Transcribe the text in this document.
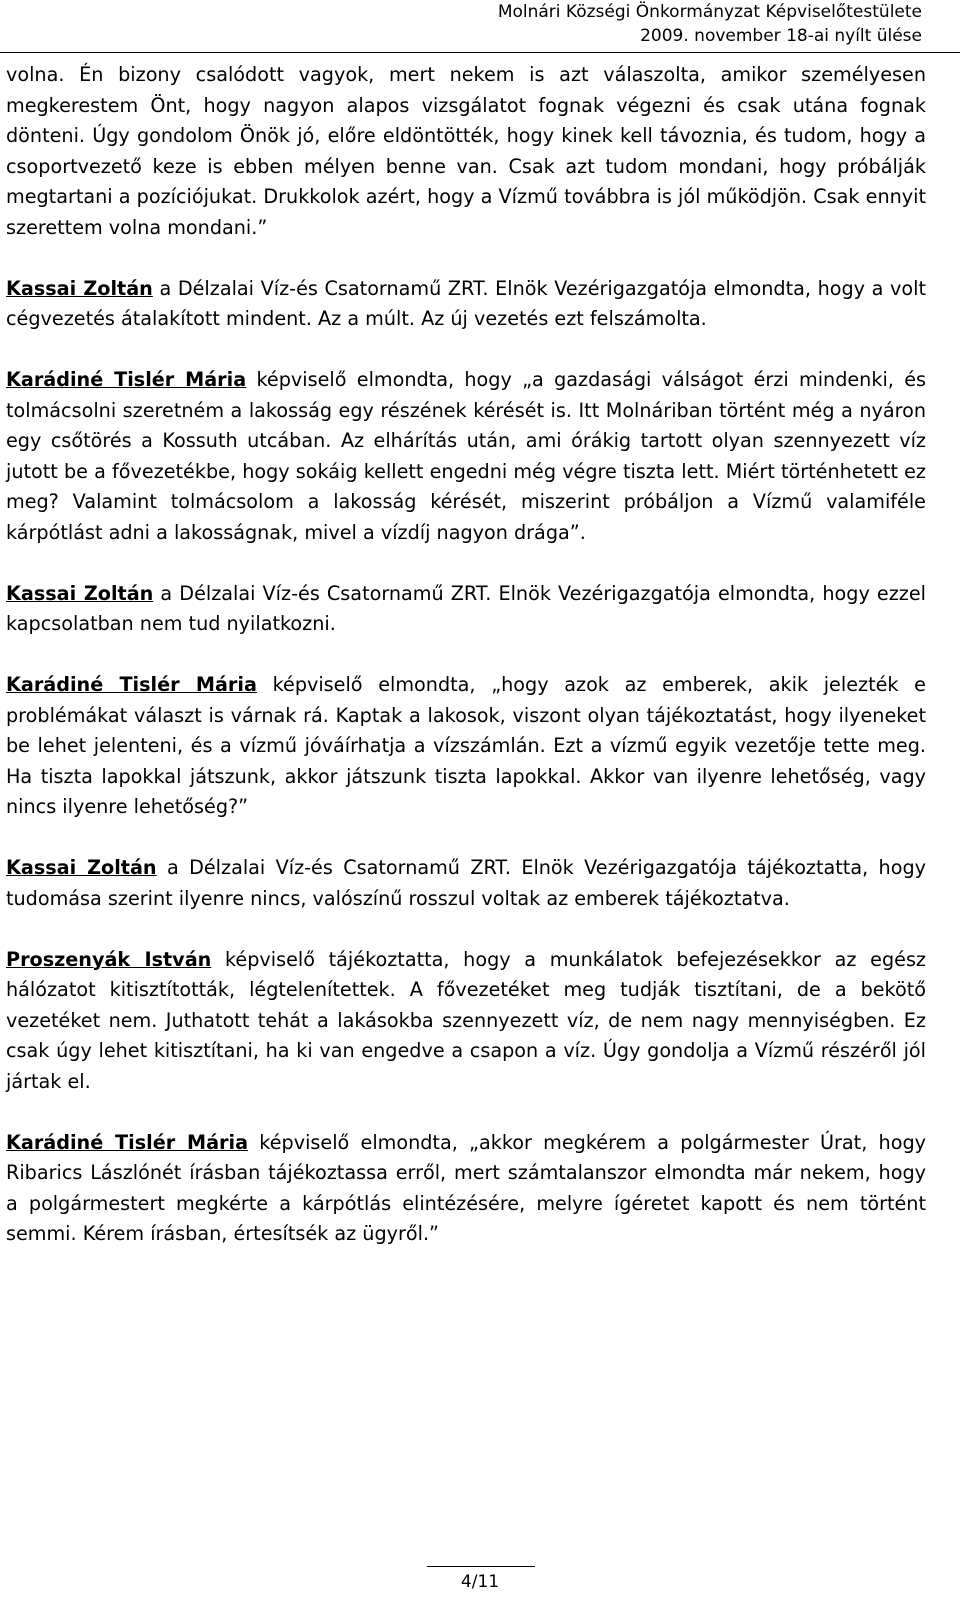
Molnári Községi Önkormányzat Képviselőtestülete
2009. november 18-ai nyílt ülése

volna. Én bizony csalódott vagyok, mert nekem is azt válaszolta, amikor személyesen megkerestem Önt, hogy nagyon alapos vizsgálatot fognak végezni és csak utána fognak dönteni. Úgy gondolom Önök jó, előre eldöntötték, hogy kinek kell távoznia, és tudom, hogy a csoportvezető keze is ebben mélyen benne van. Csak azt tudom mondani, hogy próbálják megtartani a pozíciójukat. Drukkolok azért, hogy a Vízmű továbbra is jól működjön. Csak ennyit szerettem volna mondani.”

Kassai Zoltán a Délzalai Víz-és Csatornamű ZRT. Elnök Vezérigazgatója elmondta, hogy a volt cégvezetés átalakított mindent. Az a múlt. Az új vezetés ezt felszámolta.

Karádiné Tislér Mária képviselő elmondta, hogy „a gazdasági válságot érzi mindenki, és tolmácsolni szeretném a lakosság egy részének kérését is. Itt Molnáriban történt még a nyáron egy csőtörés a Kossuth utcában. Az elhárítás után, ami órákig tartott olyan szennyezett víz jutott be a fővezetékbe, hogy sokáig kellett engedni még végre tiszta lett. Miért történhetett ez meg? Valamint tolmácsolom a lakosság kérését, miszerint próbáljon a Vízmű valamiféle kárpótlást adni a lakosságnak, mivel a vízdíj nagyon drága”.

Kassai Zoltán a Délzalai Víz-és Csatornamű ZRT. Elnök Vezérigazgatója elmondta, hogy ezzel kapcsolatban nem tud nyilatkozni.

Karádiné Tislér Mária képviselő elmondta, „hogy azok az emberek, akik jelezték e problémákat választ is várnak rá. Kaptak a lakosok, viszont olyan tájékoztatást, hogy ilyeneket be lehet jelenteni, és a vízmű jóváírhatja a vízszámlán. Ezt a vízmű egyik vezetője tette meg. Ha tiszta lapokkal játszunk, akkor játszunk tiszta lapokkal. Akkor van ilyenre lehetőség, vagy nincs ilyenre lehetőség?”

Kassai Zoltán a Délzalai Víz-és Csatornamű ZRT. Elnök Vezérigazgatója tájékoztatta, hogy tudomása szerint ilyenre nincs, valószínű rosszul voltak az emberek tájékoztatva.

Proszenyák István képviselő tájékoztatta, hogy a munkálatok befejezésekkor az egész hálózatot kitisztították, légtelenítettek. A fővezetéket meg tudják tisztítani, de a bekötő vezetéket nem. Juthatott tehát a lakásokba szennyezett víz, de nem nagy mennyiségben. Ez csak úgy lehet kitisztítani, ha ki van engedve a csapon a víz. Úgy gondolja a Vízmű részéről jól jártak el.

Karádiné Tislér Mária képviselő elmondta, „akkor megkérem a polgármester Úrat, hogy Ribarics Lászlónét írásban tájékoztassa erről, mert számtalanszor elmondta már nekem, hogy a polgármestert megkérte a kárpótlás elintézésére, melyre ígéretet kapott és nem történt semmi. Kérem írásban, értesítsék az ügyről.”

4/11
